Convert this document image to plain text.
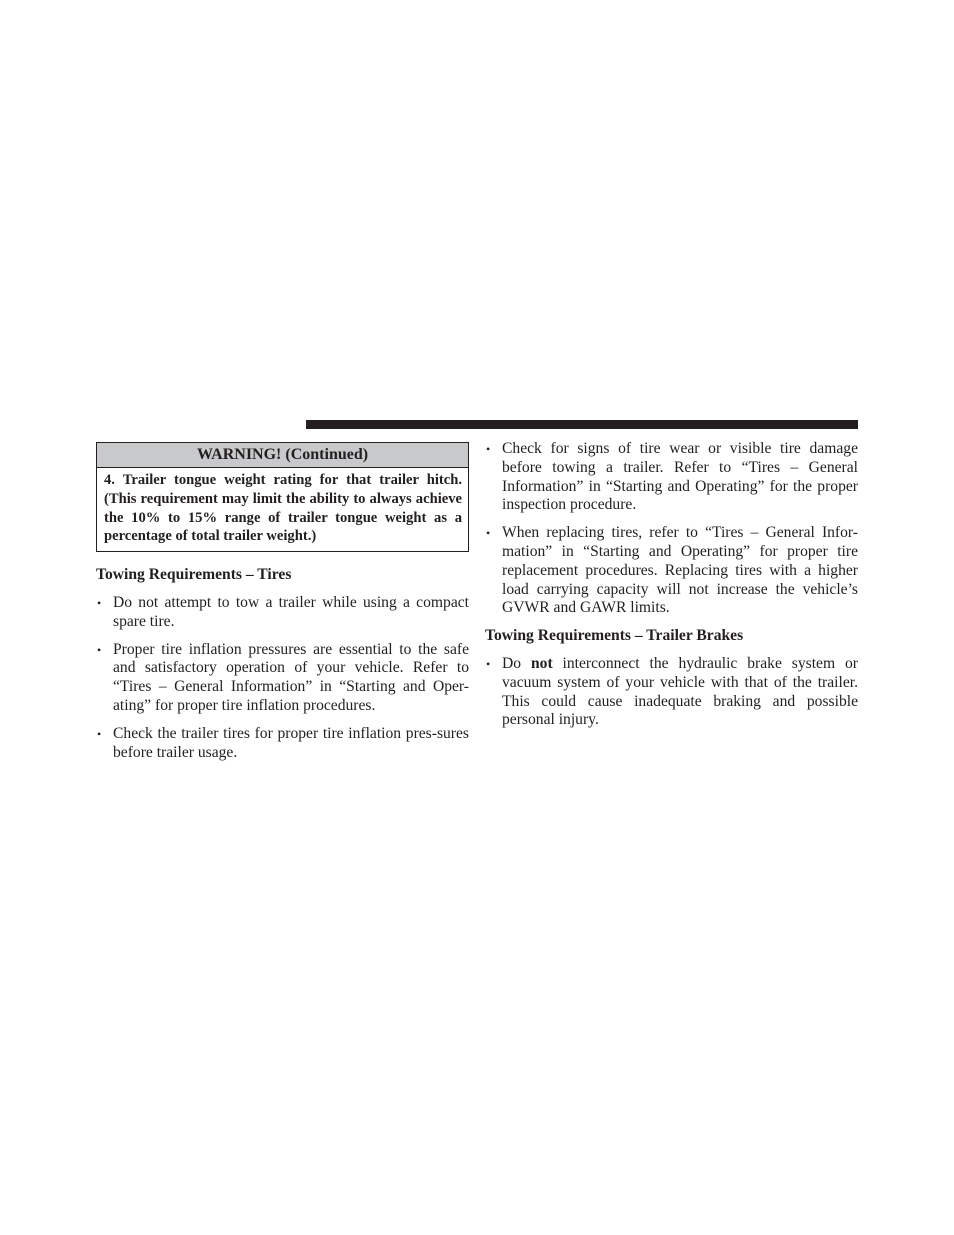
WARNING! (Continued)
4. Trailer tongue weight rating for that trailer hitch. (This requirement may limit the ability to always achieve the 10% to 15% range of trailer tongue weight as a percentage of total trailer weight.)

Towing Requirements – Tires

• Do not attempt to tow a trailer while using a compact spare tire.
• Proper tire inflation pressures are essential to the safe and satisfactory operation of your vehicle. Refer to “Tires – General Information” in “Starting and Oper-ating” for proper tire inflation procedures.
• Check the trailer tires for proper tire inflation pres-sures before trailer usage.
• Check for signs of tire wear or visible tire damage before towing a trailer. Refer to “Tires – General Information” in “Starting and Operating” for the proper inspection procedure.
• When replacing tires, refer to “Tires – General Infor-mation” in “Starting and Operating” for proper tire replacement procedures. Replacing tires with a higher load carrying capacity will not increase the vehicle’s GVWR and GAWR limits.

Towing Requirements – Trailer Brakes

• Do not interconnect the hydraulic brake system or vacuum system of your vehicle with that of the trailer. This could cause inadequate braking and possible personal injury.
